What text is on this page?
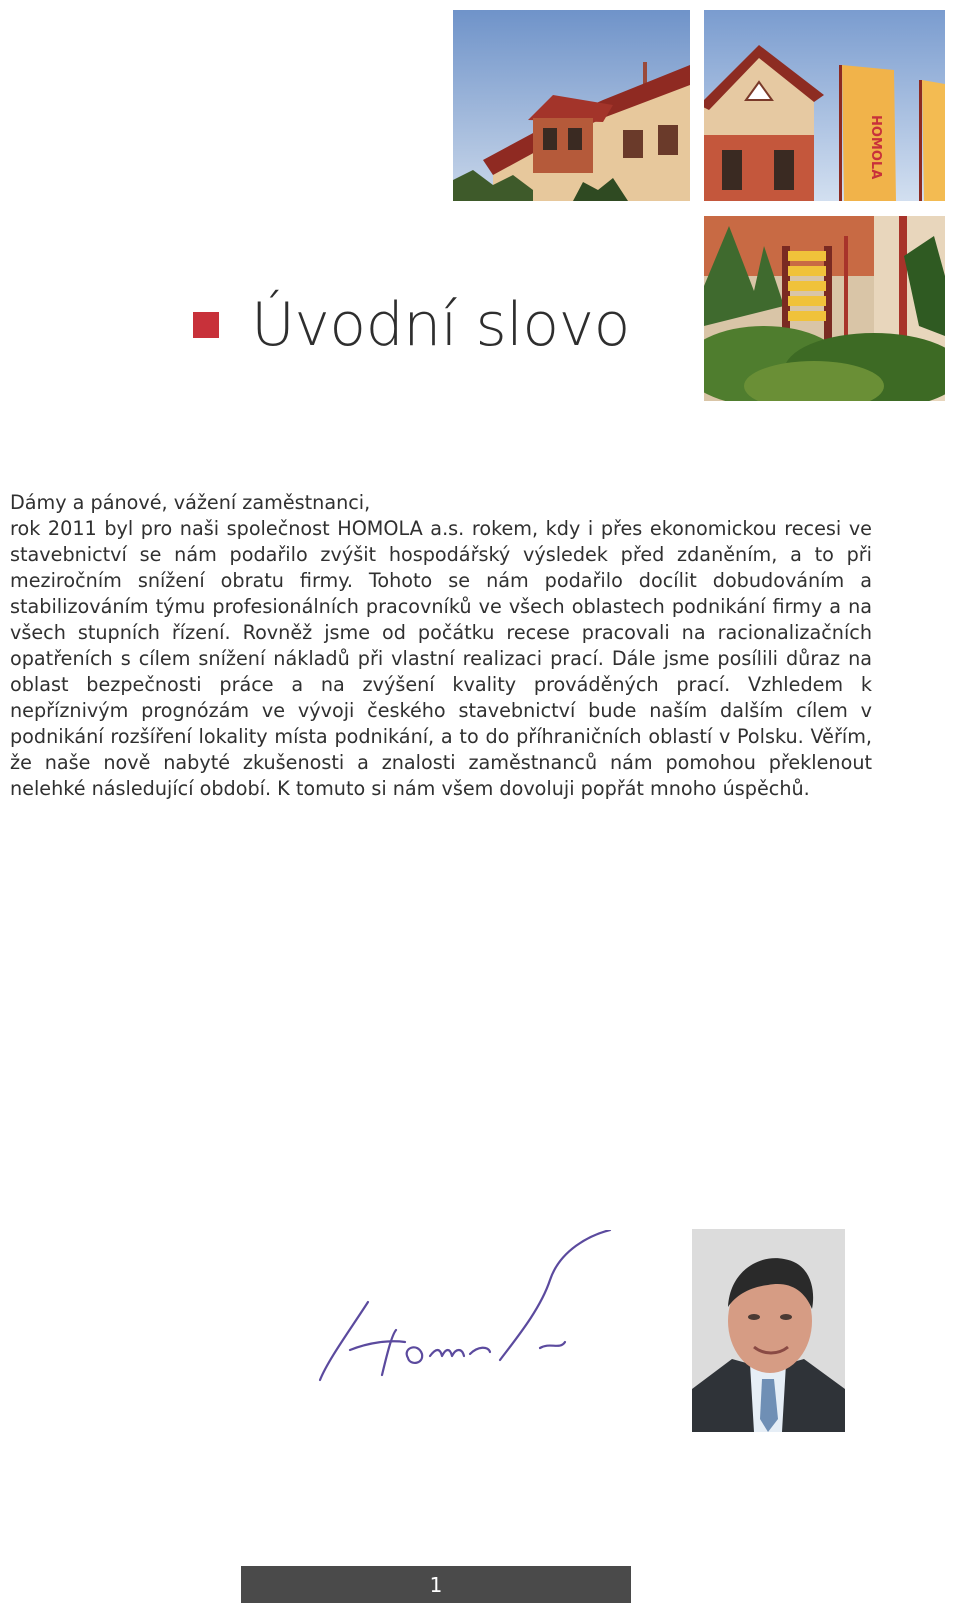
HOMOLA
Úvodní slovo

Dámy a pánové, vážení zaměstnanci,

rok 2011 byl pro naši společnost HOMOLA a.s. rokem, kdy i přes ekonomickou recesi ve stavebnictví se nám podařilo zvýšit hospodářský výsledek před zdaněním, a to při meziročním snížení obratu firmy. Tohoto se nám podařilo docílit dobudováním a stabilizováním týmu profesionálních pracovníků ve všech oblastech podnikání firmy a na všech stupních řízení. Rovněž jsme od počátku recese pracovali na racionalizačních opatřeních s cílem snížení nákladů při vlastní realizaci prací. Dále jsme posílili důraz na oblast bezpečnosti práce a na zvýšení kvality prováděných prací. Vzhledem k nepříznivým prognózám ve vývoji českého stavebnictví bude naším dalším cílem v podnikání rozšíření lokality místa podnikání, a to do příhraničních oblastí v Polsku. Věřím, že naše nově nabyté zkušenosti a znalosti zaměstnanců nám pomohou překlenout nelehké následující období. K tomuto si nám všem dovoluji popřát mnoho úspěchů.

1
